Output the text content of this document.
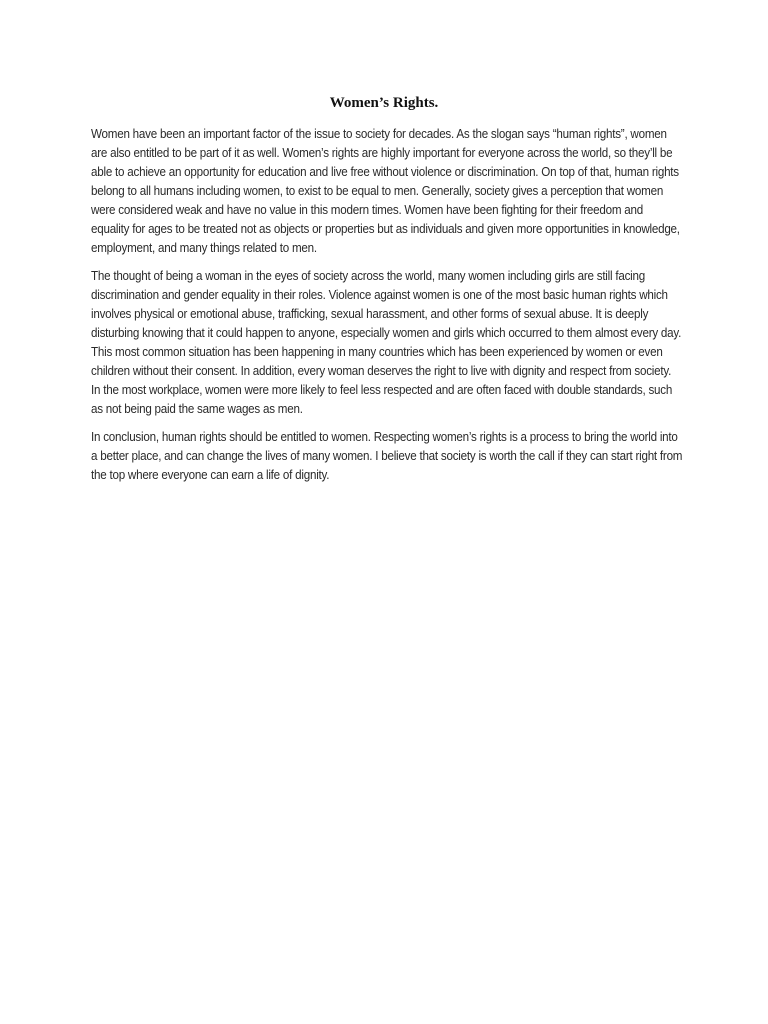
Women’s Rights.

Women have been an important factor of the issue to society for decades. As the slogan says “human rights”, women are also entitled to be part of it as well. Women’s rights are highly important for everyone across the world, so they’ll be able to achieve an opportunity for education and live free without violence or discrimination. On top of that, human rights belong to all humans including women, to exist to be equal to men. Generally, society gives a perception that women were considered weak and have no value in this modern times. Women have been fighting for their freedom and equality for ages to be treated not as objects or properties but as individuals and given more opportunities in knowledge, employment, and many things related to men.

The thought of being a woman in the eyes of society across the world, many women including girls are still facing discrimination and gender equality in their roles. Violence against women is one of the most basic human rights which involves physical or emotional abuse, trafficking, sexual harassment, and other forms of sexual abuse. It is deeply disturbing knowing that it could happen to anyone, especially women and girls which occurred to them almost every day. This most common situation has been happening in many countries which has been experienced by women or even children without their consent. In addition, every woman deserves the right to live with dignity and respect from society. In the most workplace, women were more likely to feel less respected and are often faced with double standards, such as not being paid the same wages as men.

In conclusion, human rights should be entitled to women. Respecting women’s rights is a process to bring the world into a better place, and can change the lives of many women. I believe that society is worth the call if they can start right from the top where everyone can earn a life of dignity.
